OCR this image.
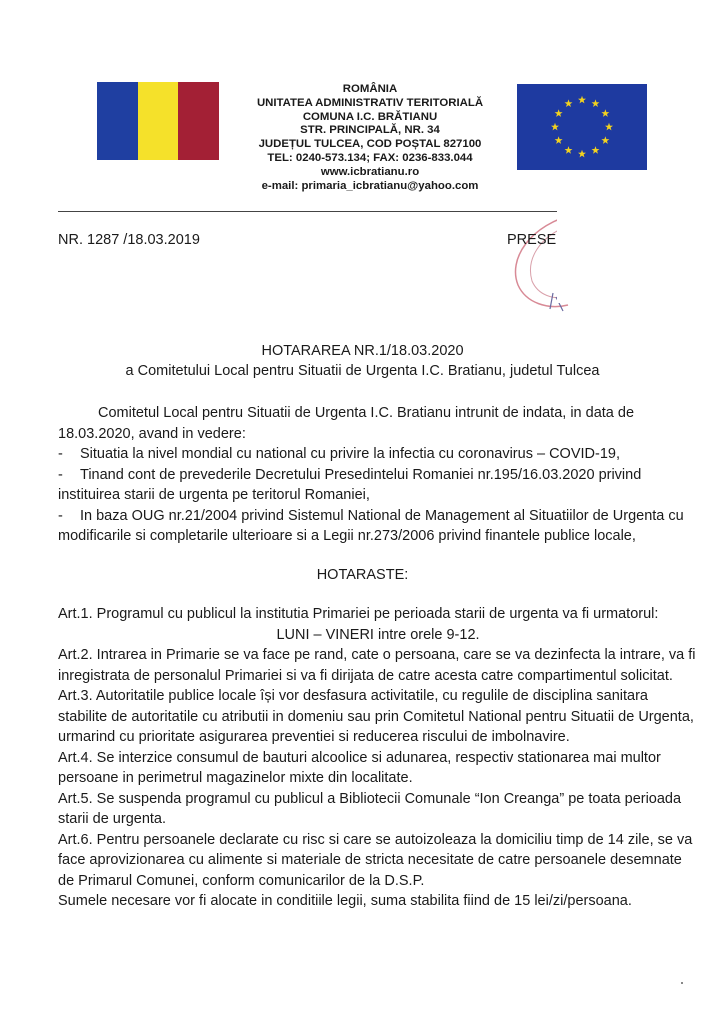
ROMÂNIA
UNITATEA ADMINISTRATIV TERITORIALĂ
COMUNA I.C. BRĂTIANU
STR. PRINCIPALĂ, NR. 34
JUDEȚUL TULCEA, COD POȘTAL 827100
TEL: 0240-573.134; FAX: 0236-833.044
www.icbratianu.ro
e-mail: primaria_icbratianu@yahoo.com
NR. 1287 /18.03.2019	PRESE
HOTARAREA NR.1/18.03.2020
a Comitetului Local pentru Situatii de Urgenta I.C. Bratianu, judetul Tulcea

Comitetul Local pentru Situatii de Urgenta I.C. Bratianu intrunit de indata, in data de 18.03.2020, avand in vedere:

- Situatia la nivel mondial cu national cu privire la infectia cu coronavirus – COVID-19,

- Tinand cont de prevederile Decretului Presedintelui Romaniei nr.195/16.03.2020 privind instituirea starii de urgenta pe teritorul Romaniei,

- In baza OUG nr.21/2004 privind Sistemul National de Management al Situatiilor de Urgenta cu modificarile si completarile ulterioare si a Legii nr.273/2006 privind finantele publice locale,

HOTARASTE:

Art.1. Programul cu publicul la institutia Primariei pe perioada starii de urgenta va fi urmatorul:

LUNI – VINERI intre orele 9-12.

Art.2. Intrarea in Primarie se va face pe rand, cate o persoana, care se va dezinfecta la intrare, va fi inregistrata de personalul Primariei si va fi dirijata de catre acesta catre compartimentul solicitat.

Art.3. Autoritatile publice locale își vor desfasura activitatile, cu regulile de disciplina sanitara stabilite de autoritatile cu atributii in domeniu sau prin Comitetul National pentru Situatii de Urgenta, urmarind cu prioritate asigurarea preventiei si reducerea riscului de imbolnavire.

Art.4. Se interzice consumul de bauturi alcoolice si adunarea, respectiv stationarea mai multor persoane in perimetrul magazinelor mixte din localitate.

Art.5. Se suspenda programul cu publicul a Bibliotecii Comunale “Ion Creanga” pe toata perioada starii de urgenta.

Art.6. Pentru persoanele declarate cu risc si care se autoizoleaza la domiciliu timp de 14 zile, se va face aprovizionarea cu alimente si materiale de stricta necesitate de catre persoanele desemnate de Primarul Comunei, conform comunicarilor de la D.S.P.

Sumele necesare vor fi alocate in conditiile legii, suma stabilita fiind de 15 lei/zi/persoana.
